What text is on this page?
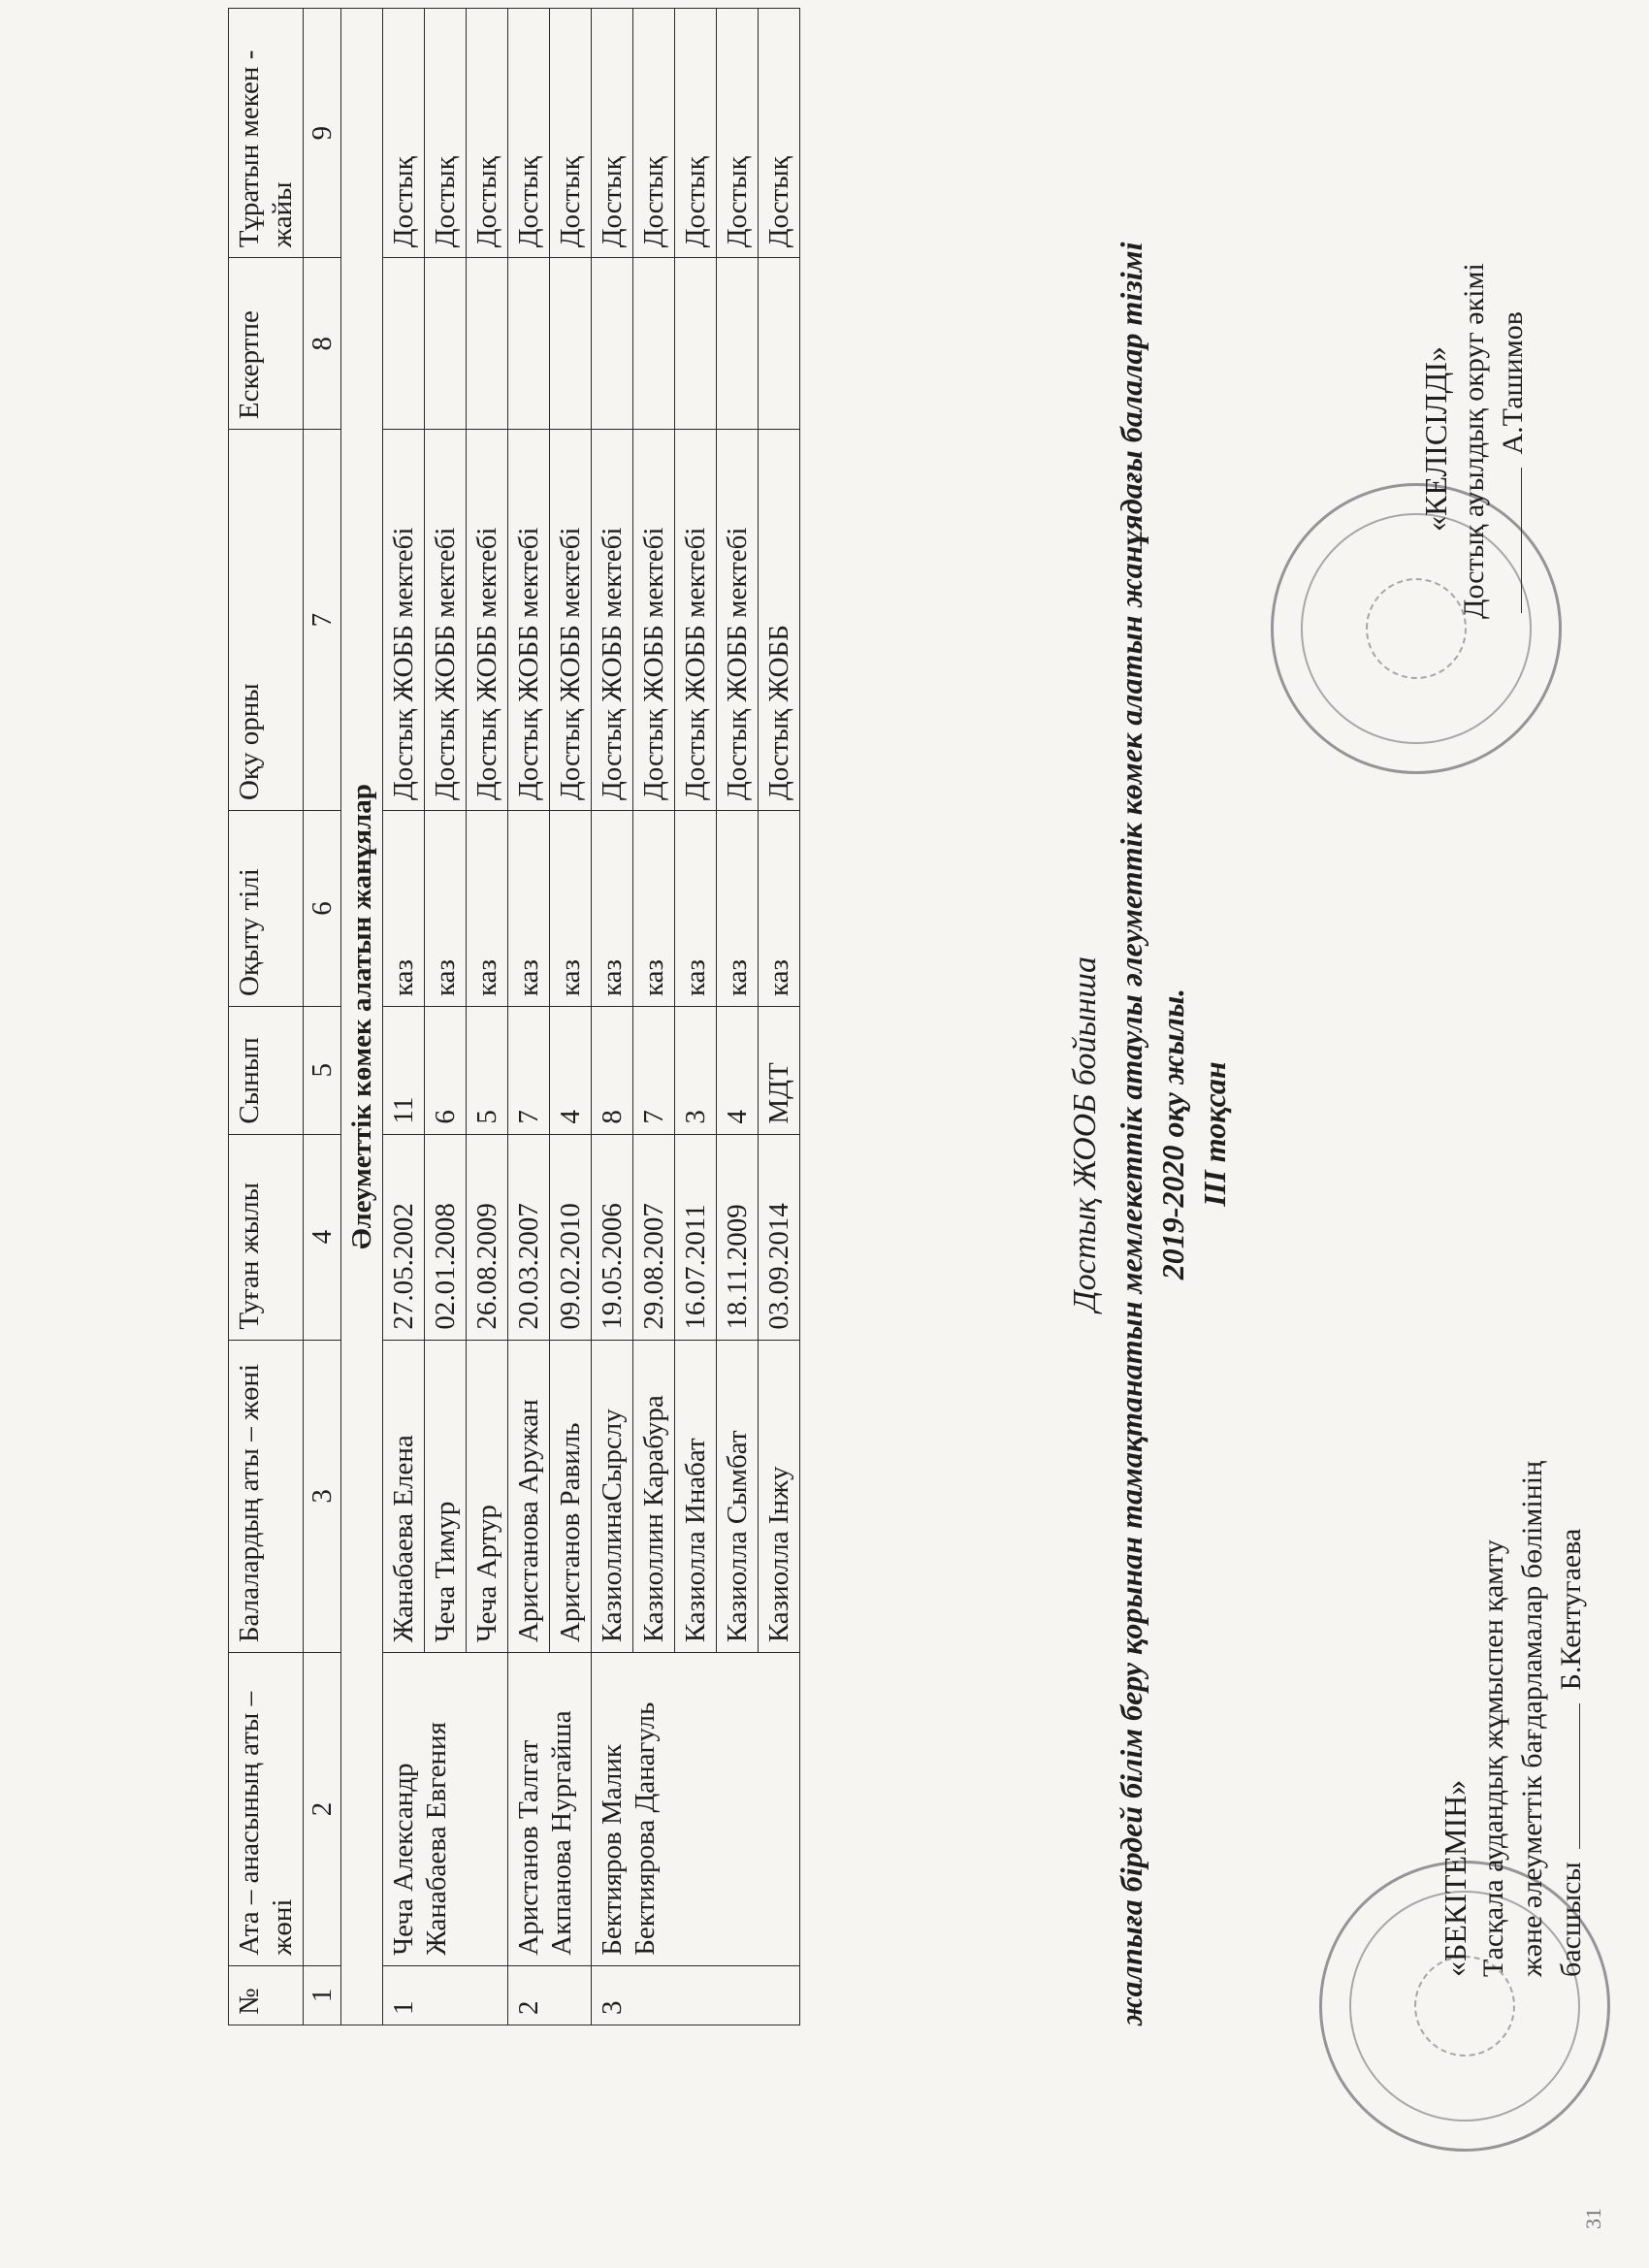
«БЕКІТЕМІН» Тасқала аудандық жұмыспен қамту және әлеуметтік бағдарламалар бөлімінің басшысы  Б.Кентугаева
«КЕЛІСІЛДІ» Достық ауылдық округ әкімі А.Ташимов
Достық ЖООБ бойынша жалпыға бірдей білім беру қорынан тамақтанатын мемлекеттік атаулы әлеуметтік көмек алатын жанұядағы балалар тізімі 2019-2020 оқу жылы. ІІІ тоқсан
№	Ата – анасының аты – жөні	Балалардың аты – жөні	Туған жылы	Сынып	Оқыту тілі	Оқу орны	Ескертпе	Тұратын мекен - жайы
1	2	3	4	5	6	7	8	9
Әлеуметтік көмек алатын жанұялар								
1	Чеча Александр Жанабаева Евгения	Жанабаева Елена	27.05.2002	11	каз	Достық ЖОББ мектебі		Достық
		Чеча Тимур	02.01.2008	6	каз	Достық ЖОББ мектебі		Достық
		Чеча Артур	26.08.2009	5	каз	Достық ЖОББ мектебі		Достық
2	Аристанов Талгат Акпанова Нургайша	Аристанова Аружан	20.03.2007	7	каз	Достық ЖОББ мектебі		Достық
		Аристанов Равиль	09.02.2010	4	каз	Достық ЖОББ мектебі		Достық
3	Бектияров Малик Бектиярова Данагуль	КазиоллинаСырслу	19.05.2006	8	каз	Достық ЖОББ мектебі		Достық
		Казиоллин Карабура	29.08.2007	7	каз	Достық ЖОББ мектебі		Достық
		Казиолла Инабат	16.07.2011	3	каз	Достық ЖОББ мектебі		Достық
		Казиолла Сымбат	18.11.2009	4	каз	Достық ЖОББ мектебі		Достық
		Казиолла Інжу	03.09.2014	МДТ	каз	Достық ЖОББ		Достық
31
